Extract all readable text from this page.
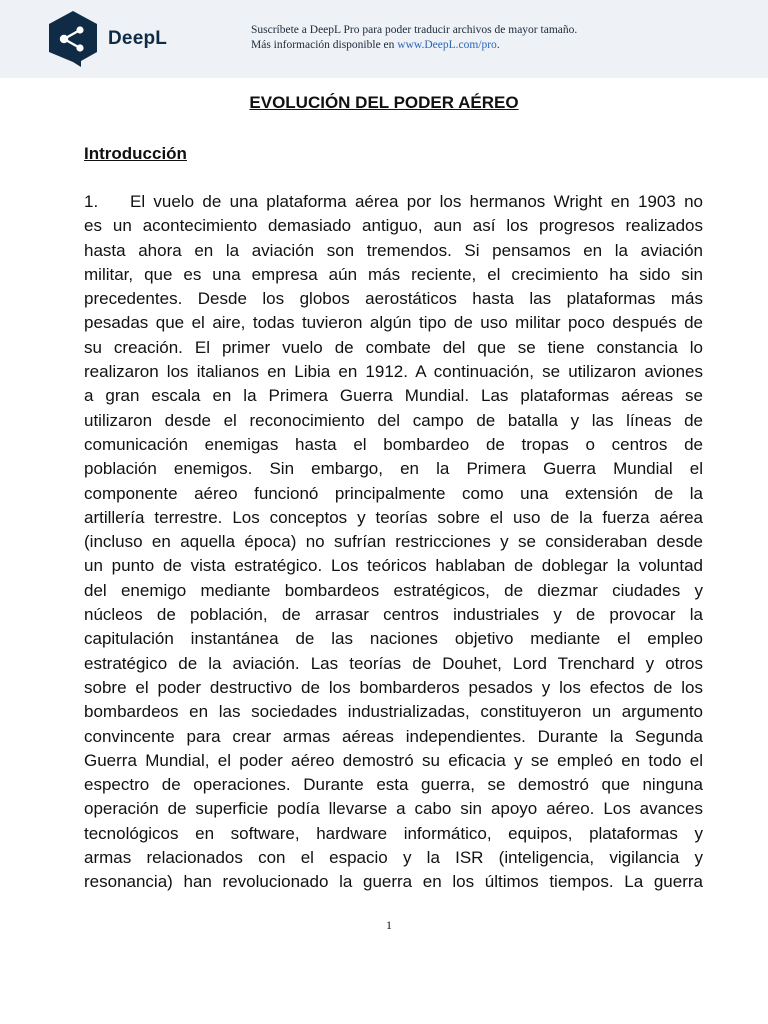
DeepL	Suscríbete a DeepL Pro para poder traducir archivos de mayor tamaño.
Más información disponible en www.DeepL.com/pro.
EVOLUCIÓN DEL PODER AÉREO
Introducción
1. El vuelo de una plataforma aérea por los hermanos Wright en 1903 no
es un acontecimiento demasiado antiguo, aun así los progresos realizados
hasta ahora en la aviación son tremendos. Si pensamos en la aviación
militar, que es una empresa aún más reciente, el crecimiento ha sido sin
precedentes. Desde los globos aerostáticos hasta las plataformas más
pesadas que el aire, todas tuvieron algún tipo de uso militar poco después de
su creación. El primer vuelo de combate del que se tiene constancia lo
realizaron los italianos en Libia en 1912. A continuación, se utilizaron aviones
a gran escala en la Primera Guerra Mundial. Las plataformas aéreas se
utilizaron desde el reconocimiento del campo de batalla y las líneas de
comunicación enemigas hasta el bombardeo de tropas o centros de
población enemigos. Sin embargo, en la Primera Guerra Mundial el
componente aéreo funcionó principalmente como una extensión de la
artillería terrestre. Los conceptos y teorías sobre el uso de la fuerza aérea
(incluso en aquella época) no sufrían restricciones y se consideraban desde
un punto de vista estratégico. Los teóricos hablaban de doblegar la voluntad
del enemigo mediante bombardeos estratégicos, de diezmar ciudades y
núcleos de población, de arrasar centros industriales y de provocar la
capitulación instantánea de las naciones objetivo mediante el empleo
estratégico de la aviación. Las teorías de Douhet, Lord Trenchard y otros
sobre el poder destructivo de los bombarderos pesados y los efectos de los
bombardeos en las sociedades industrializadas, constituyeron un argumento
convincente para crear armas aéreas independientes. Durante la Segunda
Guerra Mundial, el poder aéreo demostró su eficacia y se empleó en todo el
espectro de operaciones. Durante esta guerra, se demostró que ninguna
operación de superficie podía llevarse a cabo sin apoyo aéreo. Los avances
tecnológicos en software, hardware informático, equipos, plataformas y
armas relacionados con el espacio y la ISR (inteligencia, vigilancia y
resonancia) han revolucionado la guerra en los últimos tiempos. La guerra
1
